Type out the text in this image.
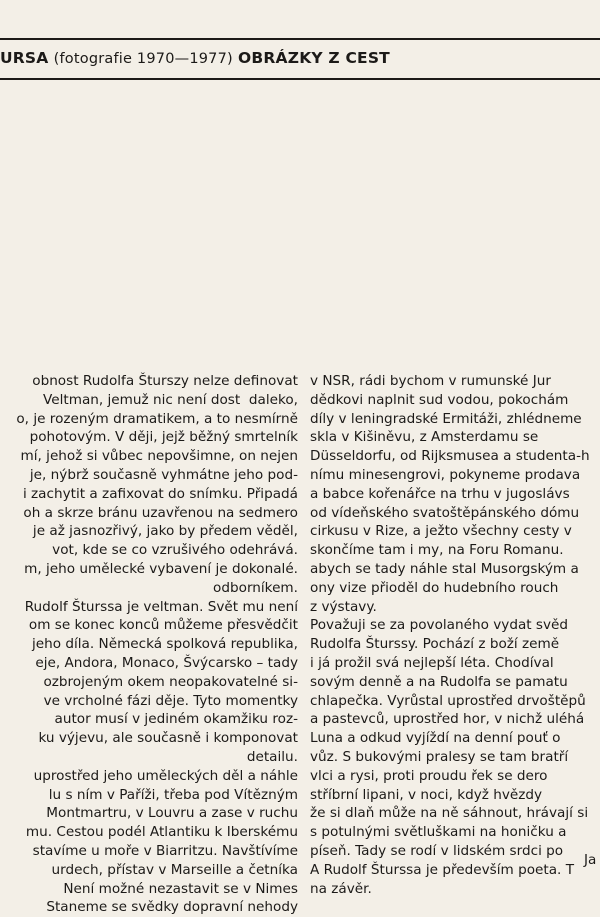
URSA (fotografie 1970—1977) OBRÁZKY Z CEST
obnost Rudolfa Šturszy nelze definovat
Veltman, jemuž nic není dost  daleko,
o, je rozeným dramatikem, a to nesmírně
pohotovým. V ději, jejž běžný smrtelník
mí, jehož si vůbec nepovšimne, on nejen
je, nýbrž současně vyhmátne jeho pod-
i zachytit a zafixovat do snímku. Připadá
oh a skrze bránu uzavřenou na sedmero
je až jasnozřivý, jako by předem věděl,
vot, kde se co vzrušivého odehrává.
m, jeho umělecké vybavení je dokonalé.
odborníkem.
Rudolf Šturssa je veltman. Svět mu není
om se konec konců můžeme přesvědčit
jeho díla. Německá spolková republika,
eje, Andora, Monaco, Švýcarsko – tady
ozbrojeným okem neopakovatelné si-
ve vrcholné fázi děje. Tyto momentky
autor musí v jediném okamžiku roz-
ku výjevu, ale současně i komponovat
detailu.
uprostřed jeho uměleckých děl a náhle
lu s ním v Paříži, třeba pod Vítězným
Montmartru, v Louvru a zase v ruchu
mu. Cestou podél Atlantiku k Iberskému
stavíme u moře v Biarritzu. Navštívíme
urdech, přístav v Marseille a četníka
Není možné nezastavit se v Nimes
Staneme se svědky dopravní nehody
v NSR, rádi bychom v rumunské Jur
dědkovi naplnit sud vodou, pokochám
díly v leningradské Ermitáži, zhlédneme
skla v Kišiněvu, z Amsterdamu se
Düsseldorfu, od Rijksmusea a studenta-h
nímu minesengrovi, pokyneme prodava
a babce kořenářce na trhu v jugoslávs
od vídeňského svatoštěpánského dómu
cirkusu v Rize, a ježto všechny cesty v
skončíme tam i my, na Foru Romanu.
abych se tady náhle stal Musorgským a
ony vize přioděl do hudebního rouch
z výstavy.
Považuji se za povolaného vydat svěd
Rudolfa Šturssy. Pochází z boží země
i já prožil svá nejlepší léta. Chodíval
sovým denně a na Rudolfa se pamatu
chlapečka. Vyrůstal uprostřed drvoštěpů
a pastevců, uprostřed hor, v nichž uléhá
Luna a odkud vyjíždí na denní pouť o
vůz. S bukovými pralesy se tam bratří
vlci a rysi, proti proudu řek se dero
stříbrní lipani, v noci, když hvězdy
že si dlaň může na ně sáhnout, hrávají si
s potulnými světluškami na honičku a
píseň. Tady se rodí v lidském srdci po
A Rudolf Šturssa je především poeta. T
na závěr.
Ja
